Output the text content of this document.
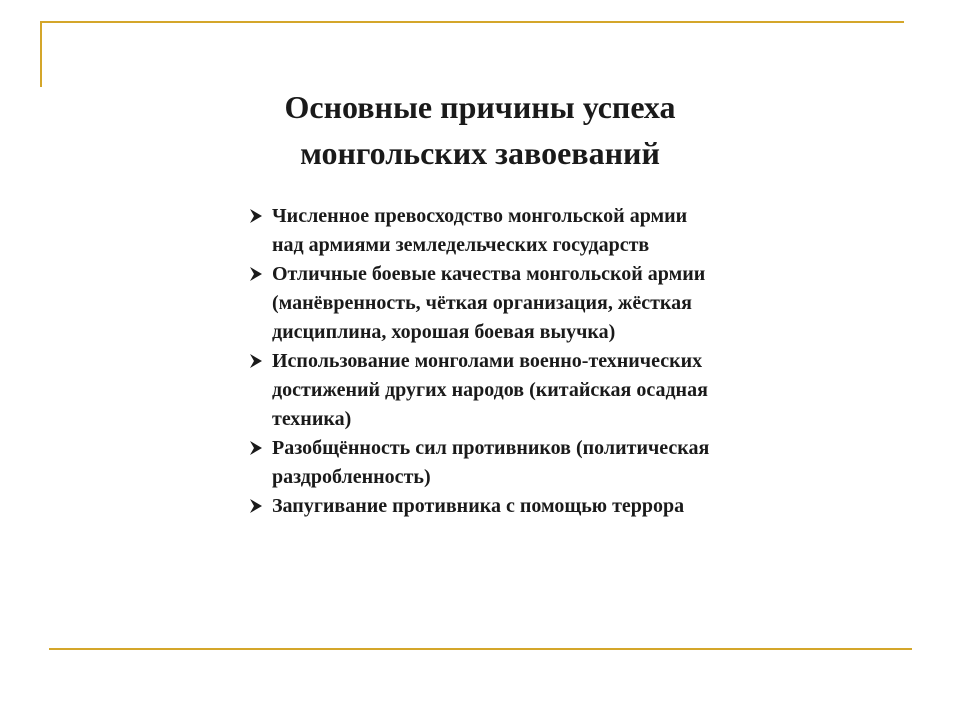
Основные причины успеха
монгольских завоеваний
Численное превосходство монгольской армии над армиями земледельческих государств
Отличные боевые качества монгольской армии (манёвренность, чёткая организация, жёсткая дисциплина, хорошая боевая выучка)
Использование монголами военно-технических достижений других народов (китайская осадная техника)
Разобщённость сил противников (политическая раздробленность)
Запугивание противника с помощью террора
